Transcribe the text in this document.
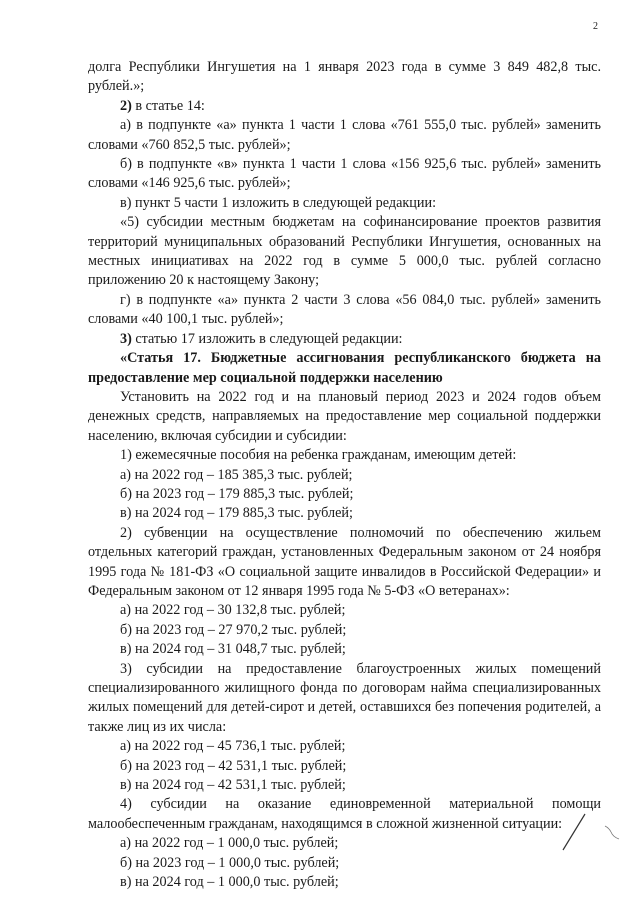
2

долга Республики Ингушетия на 1 января 2023 года в сумме 3 849 482,8 тыс. рублей.»;

2) в статье 14:

а) в подпункте «а» пункта 1 части 1 слова «761 555,0 тыс. рублей» заменить словами «760 852,5 тыс. рублей»;

б) в подпункте «в» пункта 1 части 1 слова «156 925,6 тыс. рублей» заменить словами «146 925,6 тыс. рублей»;

в) пункт 5 части 1 изложить в следующей редакции:

«5) субсидии местным бюджетам на софинансирование проектов развития территорий муниципальных образований Республики Ингушетия, основанных на местных инициативах на 2022 год в сумме 5 000,0 тыс. рублей согласно приложению 20 к настоящему Закону;

г) в подпункте «а» пункта 2 части 3 слова «56 084,0 тыс. рублей» заменить словами «40 100,1 тыс. рублей»;

3) статью 17 изложить в следующей редакции:

«Статья 17. Бюджетные ассигнования республиканского бюджета на предоставление мер социальной поддержки населению

Установить на 2022 год и на плановый период 2023 и 2024 годов объем денежных средств, направляемых на предоставление мер социальной поддержки населению, включая субсидии и субсидии:

1) ежемесячные пособия на ребенка гражданам, имеющим детей:

а) на 2022 год – 185 385,3 тыс. рублей;

б) на 2023 год – 179 885,3 тыс. рублей;

в) на 2024 год – 179 885,3 тыс. рублей;

2) субвенции на осуществление полномочий по обеспечению жильем отдельных категорий граждан, установленных Федеральным законом от 24 ноября 1995 года № 181-ФЗ «О социальной защите инвалидов в Российской Федерации» и Федеральным законом от 12 января 1995 года № 5-ФЗ «О ветеранах»:

а) на 2022 год – 30 132,8 тыс. рублей;

б) на 2023 год – 27 970,2 тыс. рублей;

в) на 2024 год – 31 048,7 тыс. рублей;

3) субсидии на предоставление благоустроенных жилых помещений специализированного жилищного фонда по договорам найма специализированных жилых помещений для детей-сирот и детей, оставшихся без попечения родителей, а также лиц из их числа:

а) на 2022 год – 45 736,1 тыс. рублей;

б) на 2023 год – 42 531,1 тыс. рублей;

в) на 2024 год – 42 531,1 тыс. рублей;

4) субсидии на оказание единовременной материальной помощи малообеспеченным гражданам, находящимся в сложной жизненной ситуации:

а) на 2022 год – 1 000,0 тыс. рублей;

б) на 2023 год – 1 000,0 тыс. рублей;

в) на 2024 год – 1 000,0 тыс. рублей;
